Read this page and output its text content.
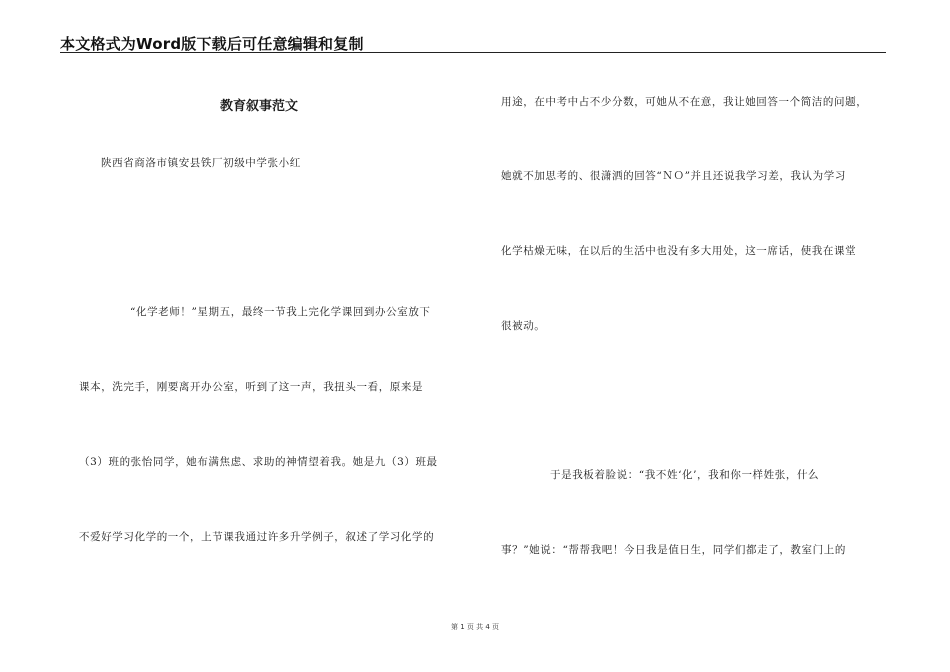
本文格式为Word版下载后可任意编辑和复制
教育叙事范文
陕西省商洛市镇安县铁厂初级中学张小红
“化学老师！”星期五，最终一节我上完化学课回到办公室放下
课本，洗完手，刚要离开办公室，听到了这一声，我扭头一看，原来是
（3）班的张怡同学，她布满焦虑、求助的神情望着我。她是九（3）班最
不爱好学习化学的一个，上节课我通过许多升学例子，叙述了学习化学的
用途，在中考中占不少分数，可她从不在意，我让她回答一个简洁的问题，
她就不加思考的、很潇洒的回答“ＮＯ”并且还说我学习差，我认为学习
化学枯燥无味，在以后的生活中也没有多大用处，这一席话，使我在课堂
很被动。
于是我板着脸说：“我不姓‘化’，我和你一样姓张，什么
事？”她说：“帮帮我吧！今日我是值日生，同学们都走了，教室门上的
第 1 页 共 4 页
